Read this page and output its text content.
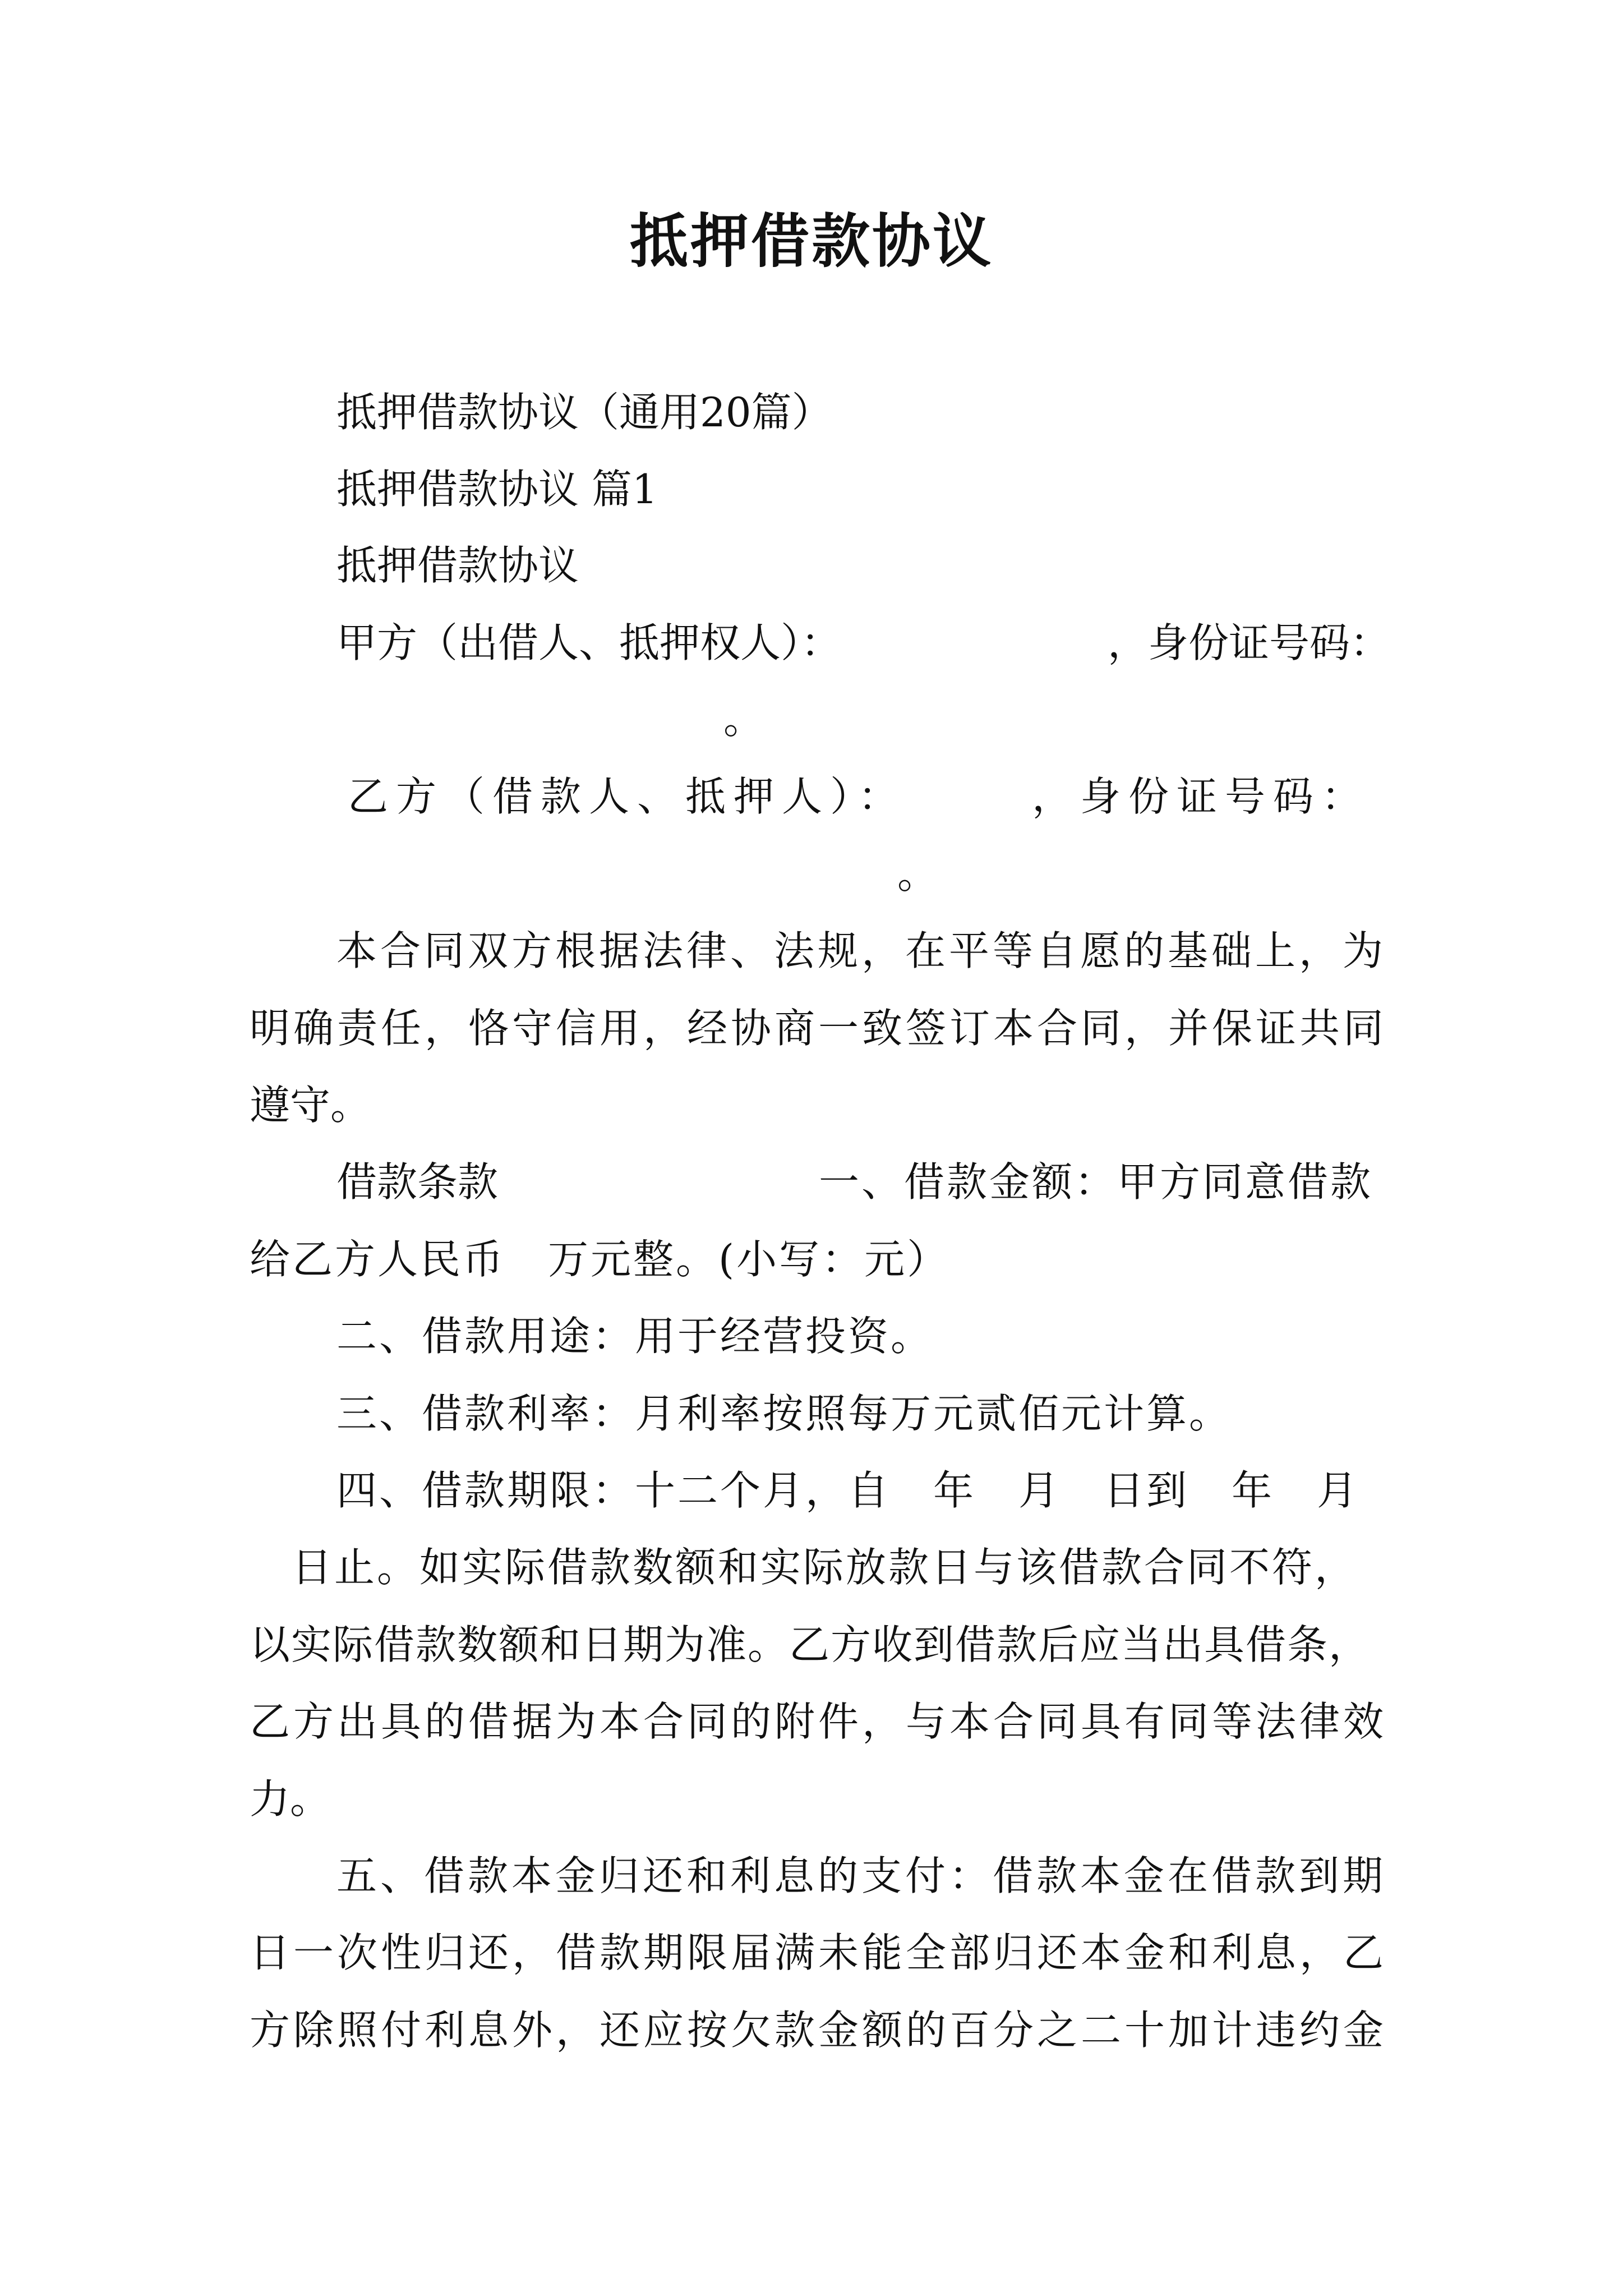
抵押借款协议
抵押借款协议（通用20篇）
抵押借款协议 篇1
抵押借款协议
甲方（出借人、抵押权人）：	，身份证号码：
。
乙方（借款人、抵押人）：	，身份证号码：
。
本合同双方根据法律、法规，在平等自愿的基础上，为
明确责任，恪守信用，经协商一致签订本合同，并保证共同
遵守。
借款条款	一、借款金额：甲方同意借款
给乙方人民币　万元整。(小写：元）
二、借款用途：用于经营投资。
三、借款利率：月利率按照每万元贰佰元计算。
四、借款期限：十二个月，自　年　月　日到　年　月
日止。如实际借款数额和实际放款日与该借款合同不符，
以实际借款数额和日期为准。乙方收到借款后应当出具借条，
乙方出具的借据为本合同的附件，与本合同具有同等法律效
力。
五、借款本金归还和利息的支付：借款本金在借款到期
日一次性归还，借款期限届满未能全部归还本金和利息，乙
方除照付利息外，还应按欠款金额的百分之二十加计违约金
